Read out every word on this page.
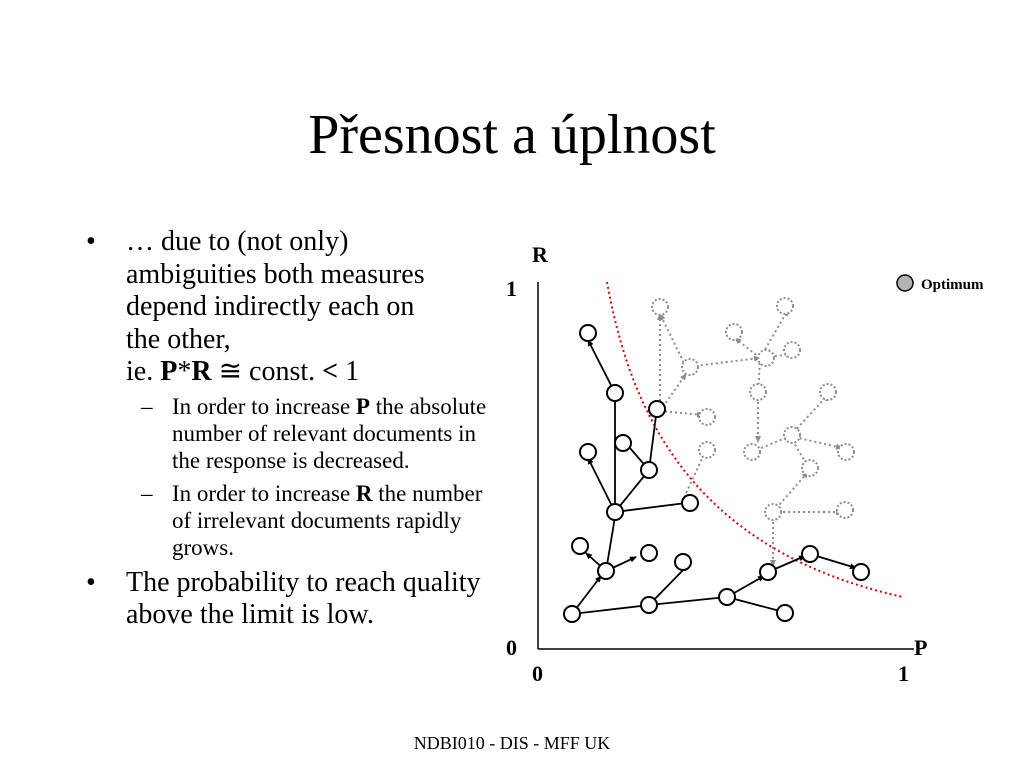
Přesnost a úplnost
• … due to (not only)
ambiguities both measures
depend indirectly each on
the other,
ie. P*R ≅ const. < 1
– In order to increase P the absolute number of relevant documents in the response is decreased.
– In order to increase R the number of irrelevant documents rapidly grows.
• The probability to reach quality above the limit is low.
R
1
0
0	1
P
Optimum
NDBI010 - DIS - MFF UK
